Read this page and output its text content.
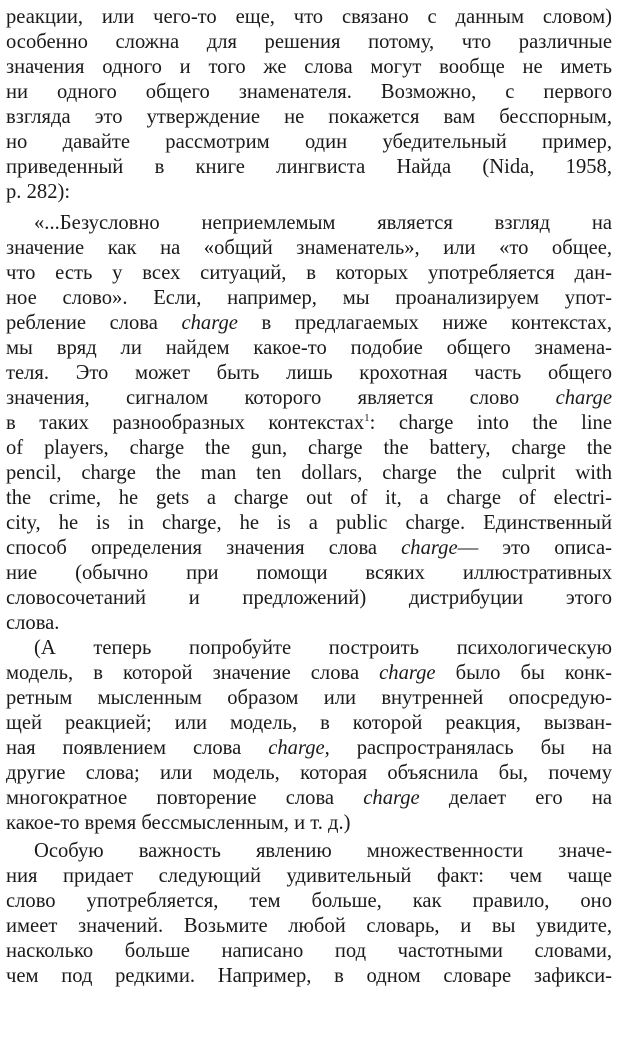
реакции, или чего-то еще, что связано с данным словом)
особенно сложна для решения потому, что различные
значения одного и того же слова могут вообще не иметь
ни одного общего знаменателя. Возможно, с первого
взгляда это утверждение не покажется вам бесспорным,
но давайте рассмотрим один убедительный пример,
приведенный в книге лингвиста Найда (Nida, 1958,
p. 282):
«...Безусловно неприемлемым является взгляд на
значение как на «общий знаменатель», или «то общее,
что есть у всех ситуаций, в которых употребляется дан-
ное слово». Если, например, мы проанализируем упот-
ребление слова charge в предлагаемых ниже контекстах,
мы вряд ли найдем какое-то подобие общего знамена-
теля. Это может быть лишь крохотная часть общего
значения, сигналом которого является слово charge
в таких разнообразных контекстах$^1$: charge into the line
of players, charge the gun, charge the battery, charge the
pencil, charge the man ten dollars, charge the culprit with
the crime, he gets a charge out of it, a charge of electri-
city, he is in charge, he is a public charge. Единственный
способ определения значения слова charge— это описа-
ние (обычно при помощи всяких иллюстративных
словосочетаний и предложений) дистрибуции этого
слова.
(А теперь попробуйте построить психологическую
модель, в которой значение слова charge было бы конк-
ретным мысленным образом или внутренней опосредую-
щей реакцией; или модель, в которой реакция, вызван-
ная появлением слова charge, распространялась бы на
другие слова; или модель, которая объяснила бы, почему
многократное повторение слова charge делает его на
какое-то время бессмысленным, и т. д.)
Особую важность явлению множественности значе-
ния придает следующий удивительный факт: чем чаще
слово употребляется, тем больше, как правило, оно
имеет значений. Возьмите любой словарь, и вы увидите,
насколько больше написано под частотными словами,
чем под редкими. Например, в одном словаре зафикси-
